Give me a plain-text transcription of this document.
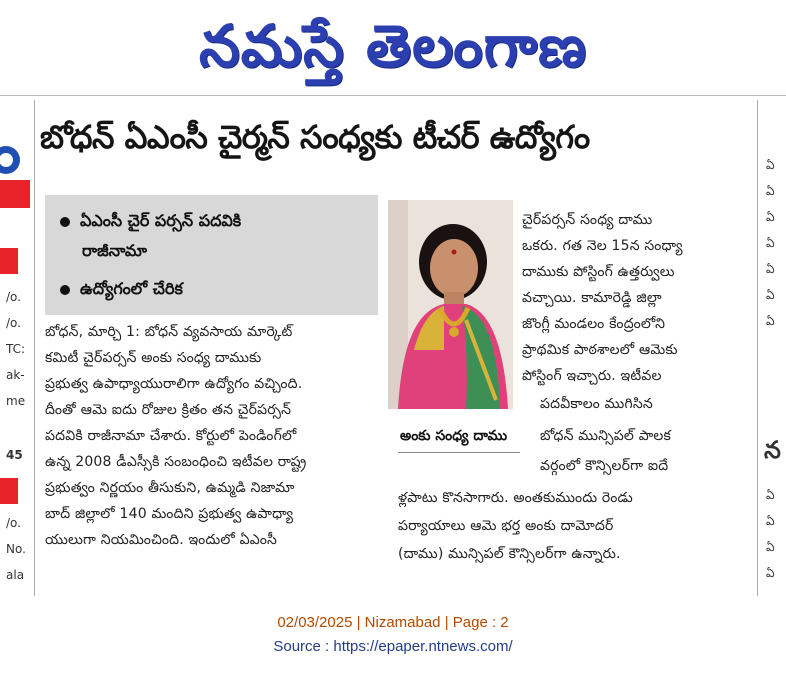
నమస్తే తెలంగాణ
/o.
/o.
TC:
ak-
me
45
/o.
No.
ala
ఏ
ఏ
ఏ
ఏ
ఏ
ఏ
ఏ
న
ఏ
ఏ
ఏ
ఏ
బోధన్ ఏఎంసీ చైర్మన్ సంధ్యకు టీచర్ ఉద్యోగం
ఏఎంసీ చైర్ పర్సన్ పదవికి
రాజీనామా
ఉద్యోగంలో చేరిక
బోధన్, మార్చి 1: బోధన్ వ్యవసాయ మార్కెట్
కమిటీ చైర్‌పర్సన్ అంకు సంధ్య దాముకు
ప్రభుత్వ ఉపాధ్యాయురాలిగా ఉద్యోగం వచ్చింది.
దీంతో ఆమె ఐదు రోజుల క్రితం తన చైర్‌పర్సన్
పదవికి రాజీనామా చేశారు. కోర్టులో పెండింగ్‌లో
ఉన్న 2008 డీఎస్సీకి సంబంధించి ఇటీవల రాష్ట్ర
ప్రభుత్వం నిర్ణయం తీసుకుని, ఉమ్మడి నిజామా
బాద్ జిల్లాలో 140 మందిని ప్రభుత్వ ఉపాధ్యా
యులుగా నియమించింది. ఇందులో ఏఎంసీ
చైర్‌పర్సన్ సంధ్య దాము
ఒకరు. గత నెల 15న సంధ్యా
దాముకు పోస్టింగ్ ఉత్తర్వులు
వచ్చాయి. కామారెడ్డి జిల్లా
జొంగ్లీ మండలం కేంద్రంలోని
ప్రాథమిక పాఠశాలలో ఆమెకు
పోస్టింగ్ ఇచ్చారు. ఇటీవల
పదవీకాలం ముగిసిన
బోధన్ మున్సిపల్ పాలక
వర్గంలో కౌన్సిలర్‌గా ఐదే
ళ్లపాటు కొనసాగారు. అంతకుముందు రెండు
పర్యాయాలు ఆమె భర్త అంకు దామోదర్
(దాము) మున్సిపల్ కౌన్సిలర్‌గా ఉన్నారు.
అంకు సంధ్య దాము
02/03/2025 | Nizamabad | Page : 2
Source : https://epaper.ntnews.com/
